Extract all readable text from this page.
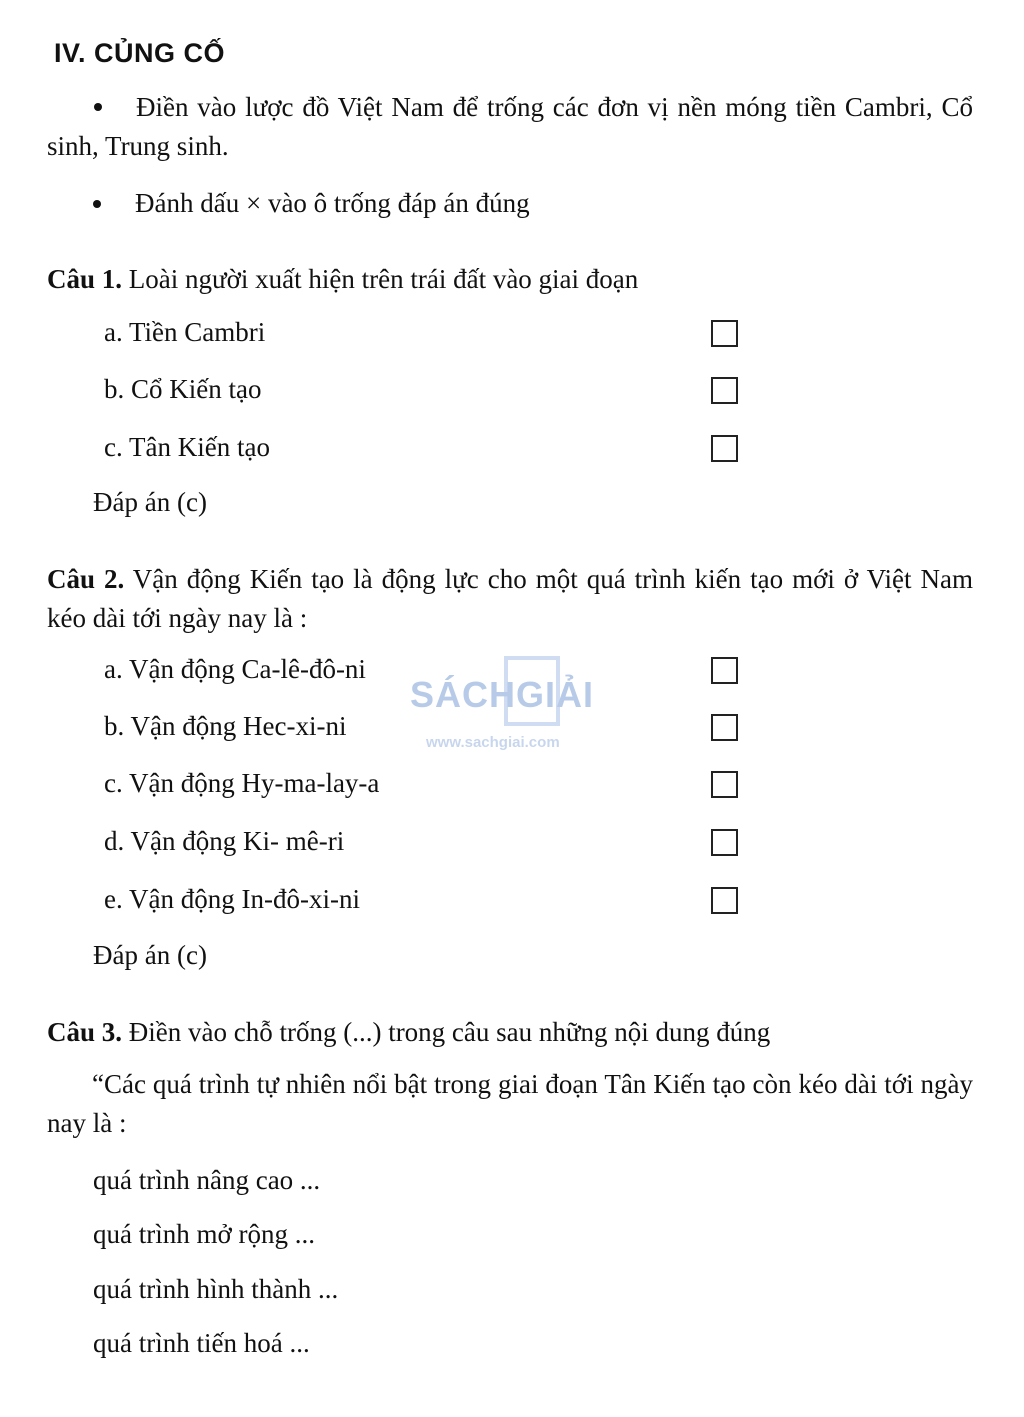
IV. CỦNG CỐ
Điền vào lược đồ Việt Nam để trống các đơn vị nền móng tiền Cambri, Cổ sinh, Trung sinh.
Đánh dấu × vào ô trống đáp án đúng
Câu 1. Loài người xuất hiện trên trái đất vào giai đoạn
a. Tiền Cambri
b. Cổ Kiến tạo
c. Tân Kiến tạo
Đáp án (c)
Câu 2. Vận động Kiến tạo là động lực cho một quá trình kiến tạo mới ở Việt Nam kéo dài tới ngày nay là :
a. Vận động Ca-lê-đô-ni
b. Vận động Hec-xi-ni
c. Vận động Hy-ma-lay-a
d. Vận động Ki- mê-ri
e. Vận động In-đô-xi-ni
Đáp án (c)
Câu 3. Điền vào chỗ trống (...) trong câu sau những nội dung đúng
“Các quá trình tự nhiên nổi bật trong giai đoạn Tân Kiến tạo còn kéo dài tới ngày nay là :
quá trình nâng cao ...
quá trình mở rộng ...
quá trình hình thành ...
quá trình tiến hoá ...
SÁCHGIẢI
www.sachgiai.com
